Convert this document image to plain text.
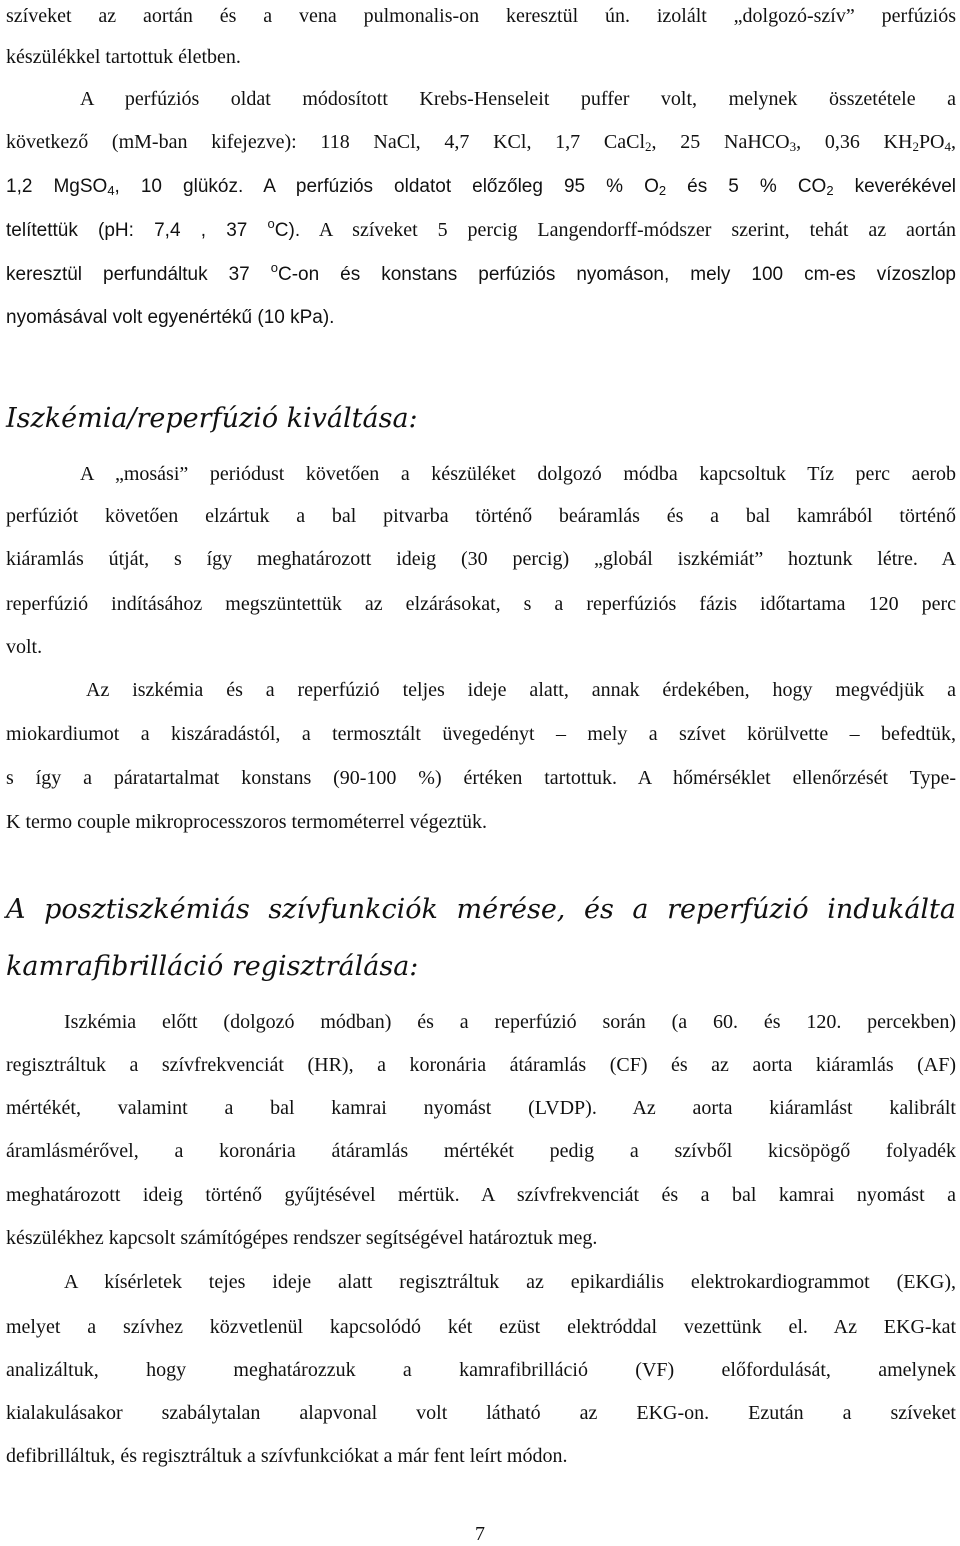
szíveket az aortán és a vena pulmonalis-on keresztül ún. izolált „dolgozó-szív” perfúziós
készülékkel tartottuk életben.
A perfúziós oldat módosított Krebs-Henseleit puffer volt, melynek összetétele a
következő (mM-ban kifejezve): 118 NaCl, 4,7 KCl, 1,7 CaCl$_2$, 25 NaHCO$_3$, 0,36 $KH_2PO_4$,
1,2 MgSO$_4$, 10 glükóz. A perfúziós oldatot előzőleg 95 % $O_2$ és 5 % $CO_2$ keverékével
telítettük (pH: 7,4 , 37 $^o$C). A szíveket 5 percig Langendorff-módszer szerint, tehát az aortán
keresztül perfundáltuk 37 $^o$C-on és konstans perfúziós nyomáson, mely 100 cm-es vízoszlop
nyomásával volt egyenértékű (10 kPa).
Iszkémia/reperfúzió kiváltása:
A „mosási” periódust követően a készüléket dolgozó módba kapcsoltuk Tíz perc aerob
perfúziót követően elzártuk a bal pitvarba történő beáramlás és a bal kamrából történő
kiáramlás útját, s így meghatározott ideig (30 percig) „globál iszkémiát” hoztunk létre. A
reperfúzió indításához megszüntettük az elzárásokat, s a reperfúziós fázis időtartama 120 perc
volt.
Az iszkémia és a reperfúzió teljes ideje alatt, annak érdekében, hogy megvédjük a
miokardiumot a kiszáradástól, a termosztált üvegedényt – mely a szívet körülvette – befedtük,
s így a páratartalmat konstans (90-100 %) értéken tartottuk. A hőmérséklet ellenőrzését Type-
K termo couple mikroprocesszoros termométerrel végeztük.
A posztiszkémiás szívfunkciók mérése, és a reperfúzió indukálta
kamrafibrilláció regisztrálása:
Iszkémia előtt (dolgozó módban) és a reperfúzió során (a 60. és 120. percekben)
regisztráltuk a szívfrekvenciát (HR), a koronária átáramlás (CF) és az aorta kiáramlás (AF)
mértékét, valamint a bal kamrai nyomást (LVDP). Az aorta kiáramlást kalibrált
áramlásmérővel, a koronária átáramlás mértékét pedig a szívből kicsöpögő folyadék
meghatározott ideig történő gyűjtésével mértük. A szívfrekvenciát és a bal kamrai nyomást a
készülékhez kapcsolt számítógépes rendszer segítségével határoztuk meg.
A kísérletek tejes ideje alatt regisztráltuk az epikardiális elektrokardiogrammot (EKG),
melyet a szívhez közvetlenül kapcsolódó két ezüst elektróddal vezettünk el. Az EKG-kat
analizáltuk, hogy meghatározzuk a kamrafibrilláció (VF) előfordulását, amelynek
kialakulásakor szabálytalan alapvonal volt látható az EKG-on. Ezután a szíveket
defibrilláltuk, és regisztráltuk a szívfunkciókat a már fent leírt módon.
7
